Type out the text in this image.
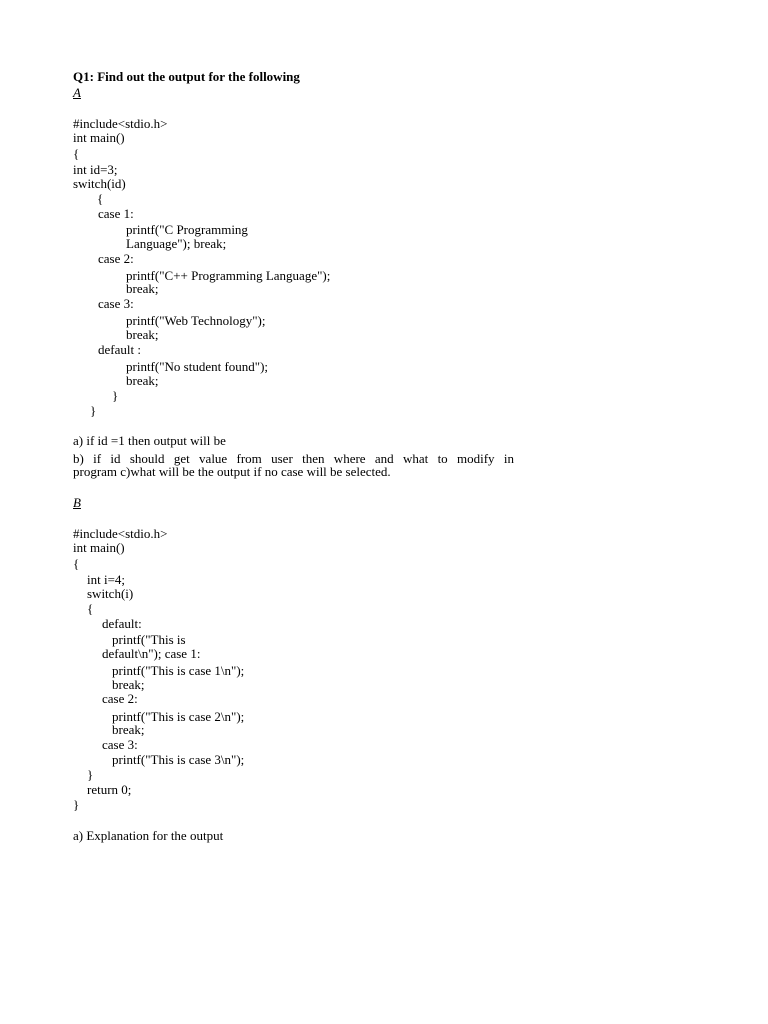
Q1: Find out the output for the following
A
#include<stdio.h>
int main()
{
int id=3;
switch(id)
{
case 1:
printf("C Programming
Language"); break;
case 2:
printf("C++ Programming Language");
break;
case 3:
printf("Web Technology");
break;
default :
printf("No student found");
break;
}
}
a) if id =1 then output will be
b) if id should get value from user then where and what to modify in
program c)what will be the output if no case will be selected.
B
#include<stdio.h>
int main()
{
int i=4;
switch(i)
{
default:
printf("This is
default\n"); case 1:
printf("This is case 1\n");
break;
case 2:
printf("This is case 2\n");
break;
case 3:
printf("This is case 3\n");
}
return 0;
}
a) Explanation for the output
